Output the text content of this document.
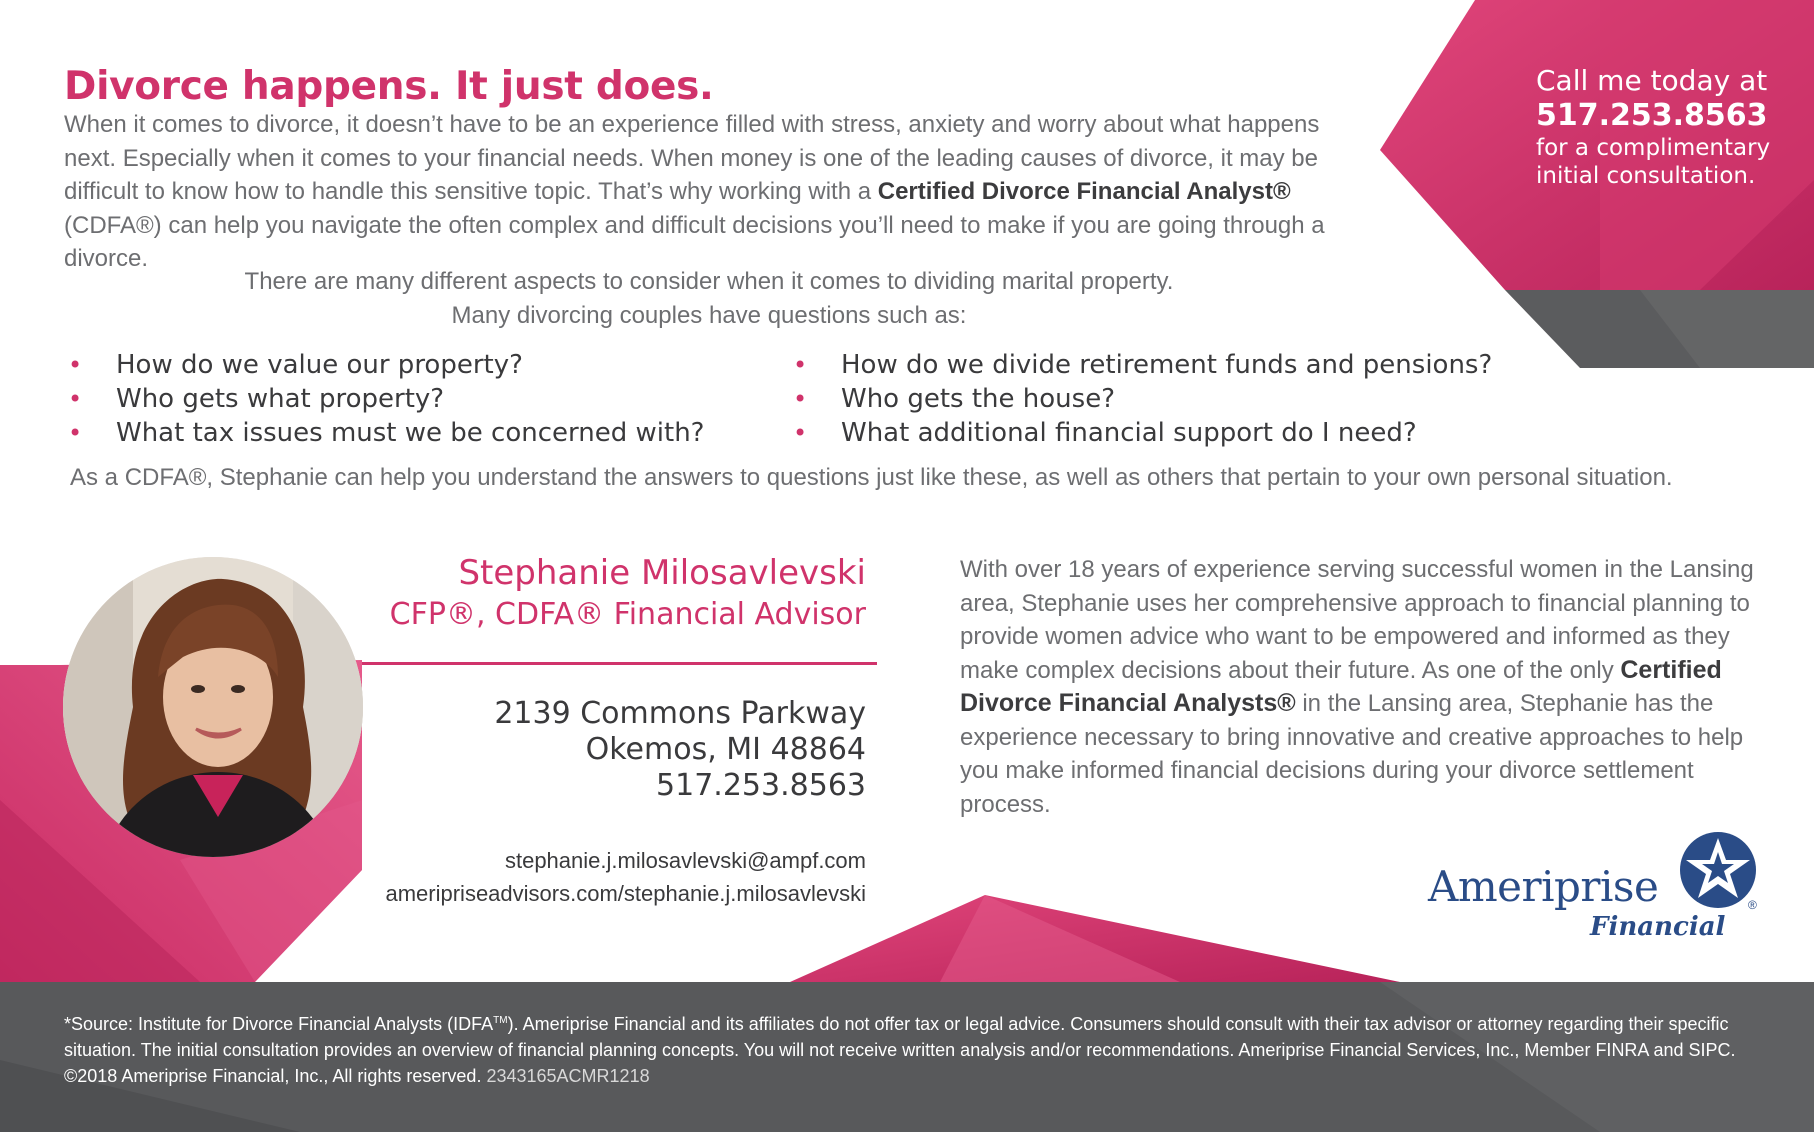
Divorce happens. It just does.

When it comes to divorce, it doesn’t have to be an experience filled with stress, anxiety and worry about what happens next. Especially when it comes to your financial needs. When money is one of the leading causes of divorce, it may be difficult to know how to handle this sensitive topic. That’s why working with a Certified Divorce Financial Analyst® (CDFA®) can help you navigate the often complex and difficult decisions you’ll need to make if you are going through a divorce.

There are many different aspects to consider when it comes to dividing marital property.
Many divorcing couples have questions such as:
• How do we value our property?
• Who gets what property?
• What tax issues must we be concerned with?
• How do we divide retirement funds and pensions?
• Who gets the house?
• What additional financial support do I need?

As a CDFA®, Stephanie can help you understand the answers to questions just like these, as well as others that pertain to your own personal situation.

Call me today at
517.253.8563
for a complimentary
initial consultation.

Stephanie Milosavlevski

CFP®, CDFA® Financial Advisor

2139 Commons Parkway

Okemos, MI 48864

517.253.8563

stephanie.j.milosavlevski@ampf.com

ameripriseadvisors.com/stephanie.j.milosavlevski

With over 18 years of experience serving successful women in the Lansing area, Stephanie uses her comprehensive approach to financial planning to provide women advice who want to be empowered and informed as they make complex decisions about their future. As one of the only Certified Divorce Financial Analysts® in the Lansing area, Stephanie has the experience necessary to bring innovative and creative approaches to help you make informed financial decisions during your divorce settlement process.

Ameriprise

Financial

®

*Source: Institute for Divorce Financial Analysts (IDFA™). Ameriprise Financial and its affiliates do not offer tax or legal advice. Consumers should consult with their tax advisor or attorney regarding their specific situation. The initial consultation provides an overview of financial planning concepts. You will not receive written analysis and/or recommendations. Ameriprise Financial Services, Inc., Member FINRA and SIPC. ©2018 Ameriprise Financial, Inc., All rights reserved. 2343165ACMR1218
